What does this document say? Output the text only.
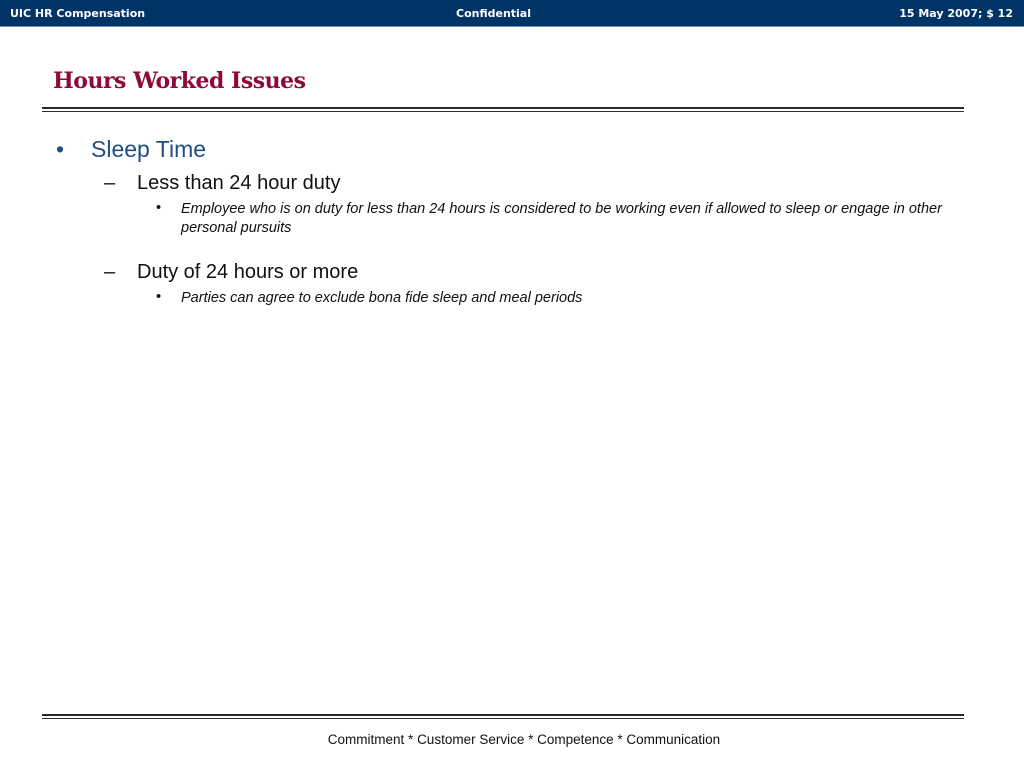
UIC HR Compensation	Confidential	15 May 2007; $ 12
Hours Worked Issues
• Sleep Time
– Less than 24 hour duty
• Employee who is on duty for less than 24 hours is considered to be working even if allowed to sleep or engage in other personal pursuits
– Duty of 24 hours or more
• Parties can agree to exclude bona fide sleep and meal periods
Commitment * Customer Service * Competence * Communication
